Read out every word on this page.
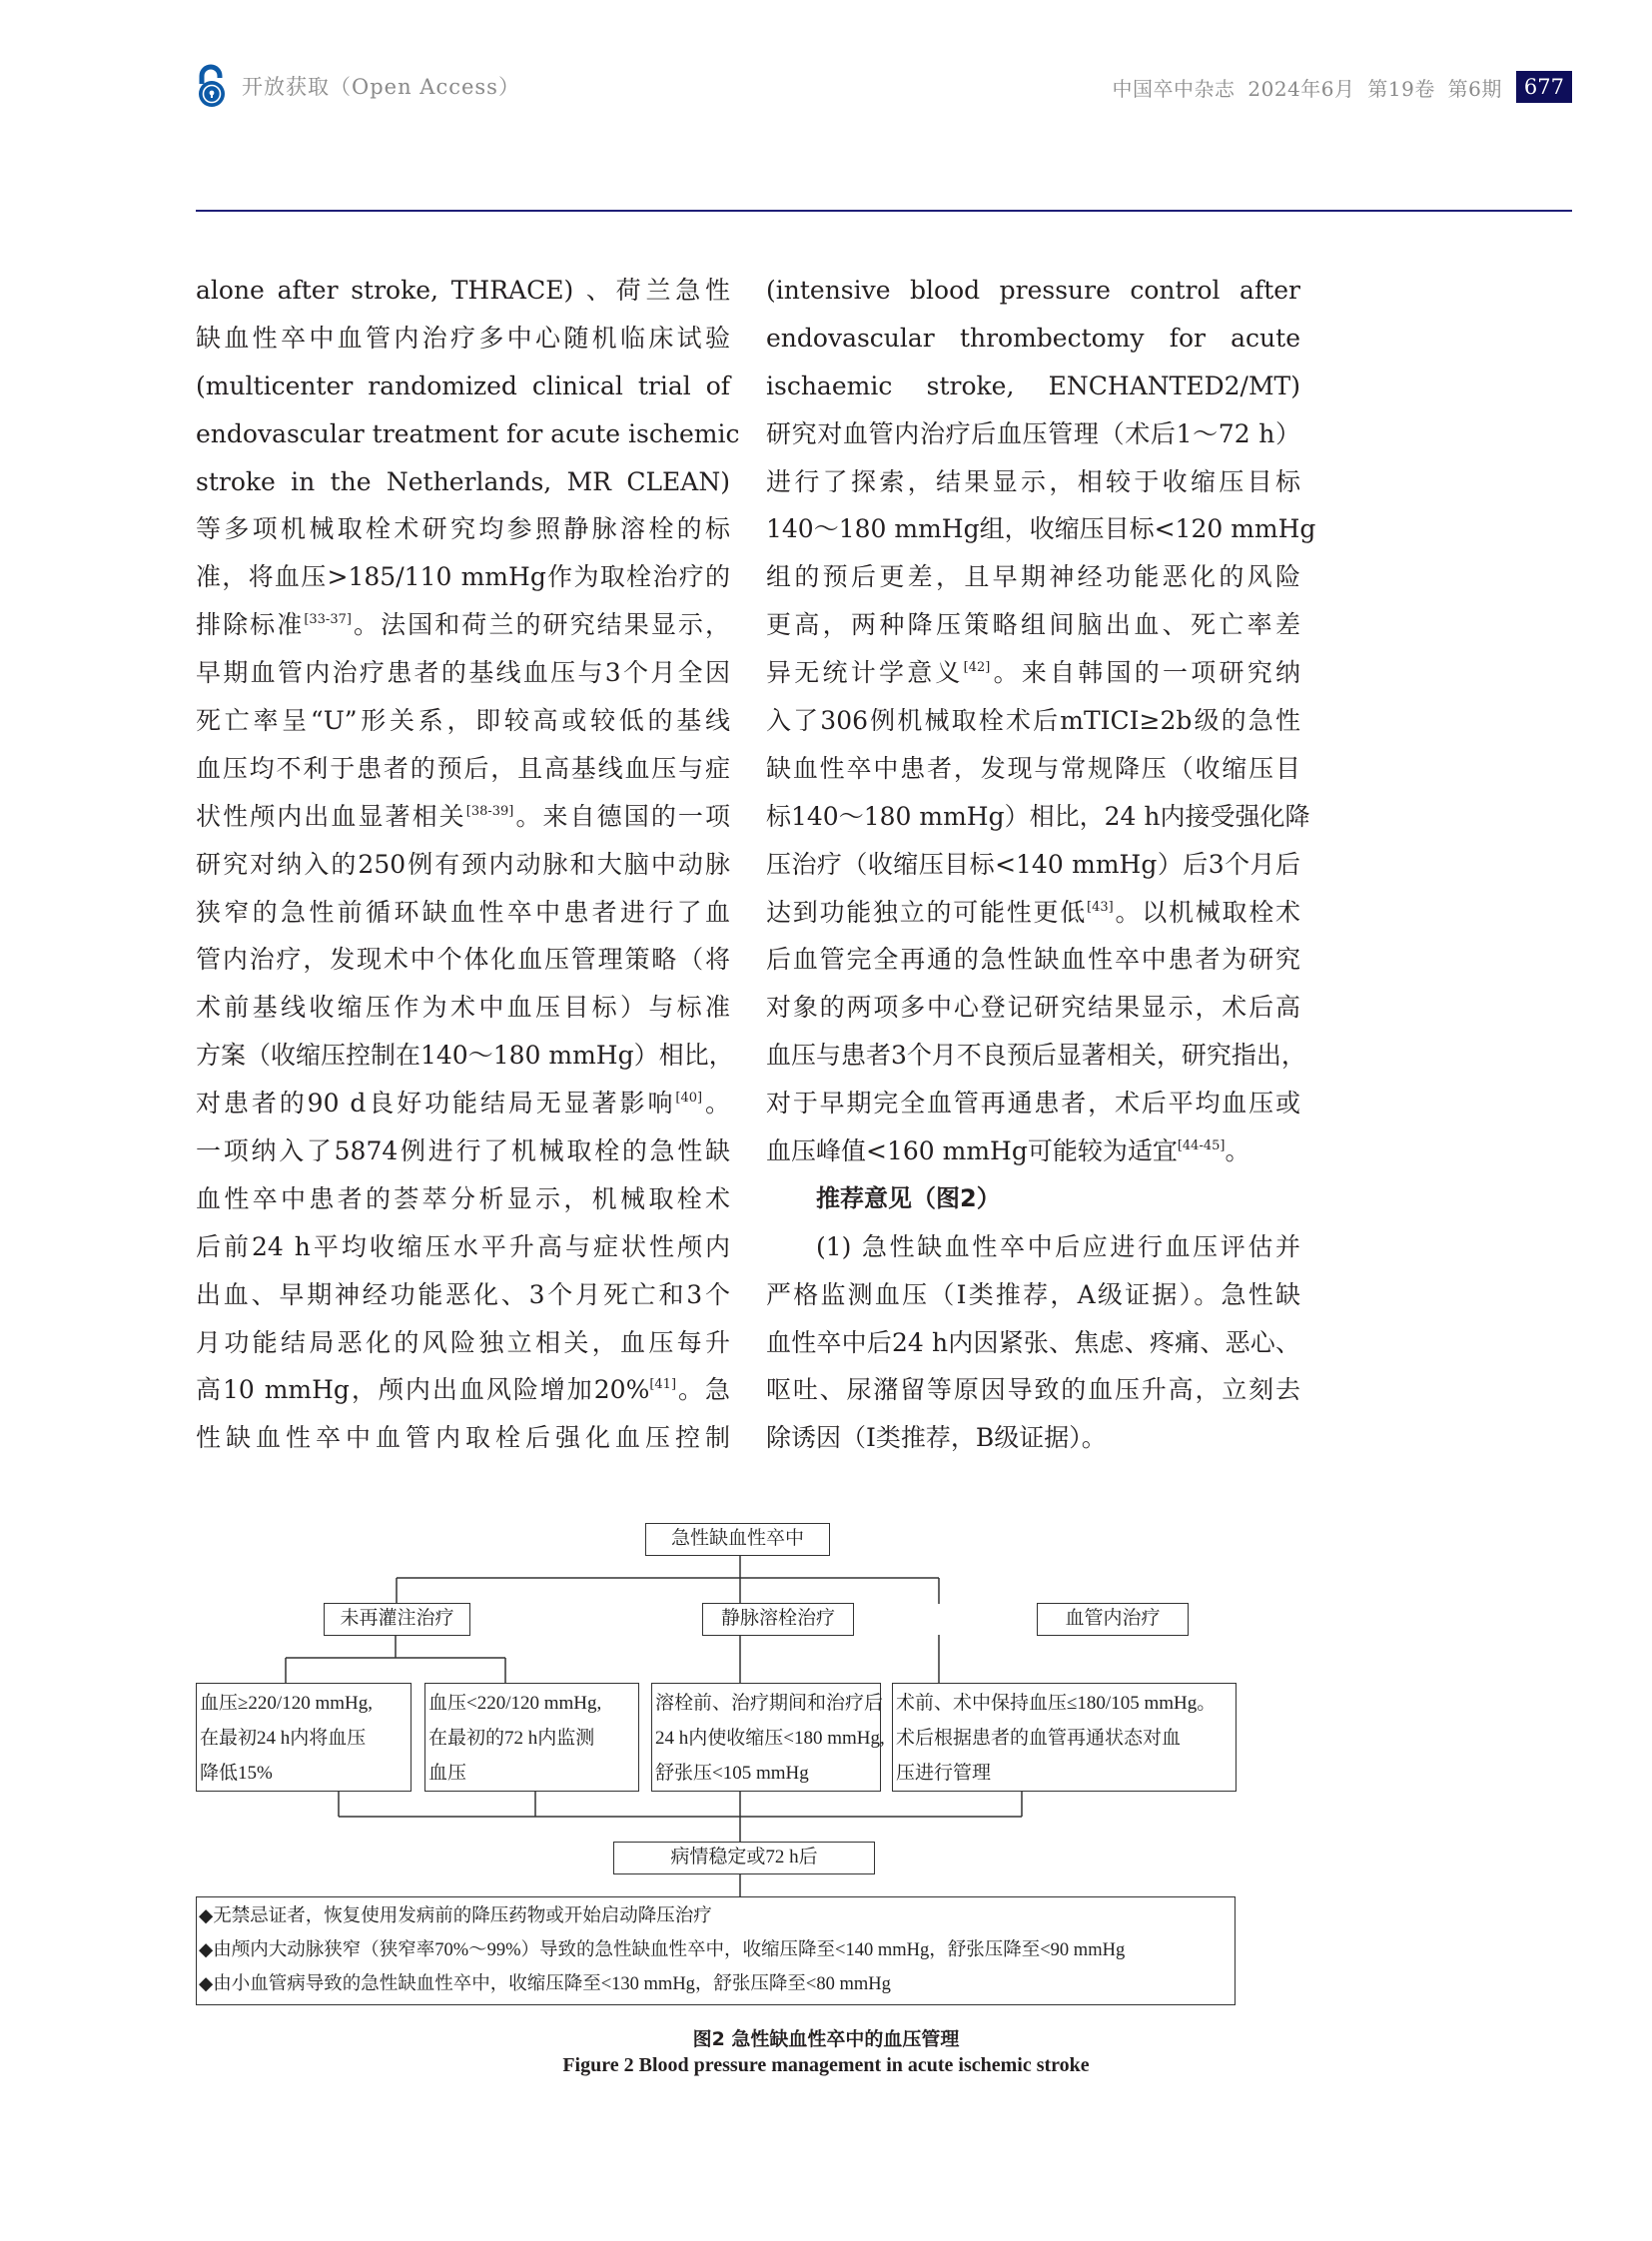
开放获取（Open Access）	中国卒中杂志 2024年6月 第19卷 第6期	677
alone after stroke, THRACE) 、荷兰急性
缺血性卒中血管内治疗多中心随机临床试验
(multicenter randomized clinical trial of
endovascular treatment for acute ischemic
stroke in the Netherlands, MR CLEAN)
等多项机械取栓术研究均参照静脉溶栓的标
准，将血压>185/110 mmHg作为取栓治疗的
排除标准[33-37]。法国和荷兰的研究结果显示，
早期血管内治疗患者的基线血压与3个月全因
死亡率呈“U”形关系，即较高或较低的基线
血压均不利于患者的预后，且高基线血压与症
状性颅内出血显著相关[38-39]。来自德国的一项
研究对纳入的250例有颈内动脉和大脑中动脉
狭窄的急性前循环缺血性卒中患者进行了血
管内治疗，发现术中个体化血压管理策略（将
术前基线收缩压作为术中血压目标）与标准
方案（收缩压控制在140～180 mmHg）相比，
对患者的90 d良好功能结局无显著影响[40]。
一项纳入了5874例进行了机械取栓的急性缺
血性卒中患者的荟萃分析显示，机械取栓术
后前24 h平均收缩压水平升高与症状性颅内
出血、早期神经功能恶化、3个月死亡和3个
月功能结局恶化的风险独立相关，血压每升
高10 mmHg，颅内出血风险增加20%[41]。急
性缺血性卒中血管内取栓后强化血压控制
(intensive blood pressure control after
endovascular thrombectomy for acute
ischaemic stroke, ENCHANTED2/MT)
研究对血管内治疗后血压管理（术后1～72 h）
进行了探索，结果显示，相较于收缩压目标
140～180 mmHg组，收缩压目标<120 mmHg
组的预后更差，且早期神经功能恶化的风险
更高，两种降压策略组间脑出血、死亡率差
异无统计学意义[42]。来自韩国的一项研究纳
入了306例机械取栓术后mTICI≥2b级的急性
缺血性卒中患者，发现与常规降压（收缩压目
标140～180 mmHg）相比，24 h内接受强化降
压治疗（收缩压目标<140 mmHg）后3个月后
达到功能独立的可能性更低[43]。以机械取栓术
后血管完全再通的急性缺血性卒中患者为研究
对象的两项多中心登记研究结果显示，术后高
血压与患者3个月不良预后显著相关，研究指出，
对于早期完全血管再通患者，术后平均血压或
血压峰值<160 mmHg可能较为适宜[44-45]。
推荐意见（图2）
(1) 急性缺血性卒中后应进行血压评估并
严格监测血压（I类推荐，A级证据）。急性缺
血性卒中后24 h内因紧张、焦虑、疼痛、恶心、
呕吐、尿潴留等原因导致的血压升高，立刻去
除诱因（I类推荐，B级证据）。
急性缺血性卒中
未再灌注治疗	静脉溶栓治疗	血管内治疗
血压≥220/120 mmHg,
在最初24 h内将血压
降低15%
血压<220/120 mmHg,
在最初的72 h内监测
血压
溶栓前、治疗期间和治疗后
24 h内使收缩压<180 mmHg,
舒张压<105 mmHg
术前、术中保持血压≤180/105 mmHg。
术后根据患者的血管再通状态对血
压进行管理
病情稳定或72 h后
◆无禁忌证者，恢复使用发病前的降压药物或开始启动降压治疗
◆由颅内大动脉狭窄（狭窄率70%～99%）导致的急性缺血性卒中，收缩压降至<140 mmHg，舒张压降至<90 mmHg
◆由小血管病导致的急性缺血性卒中，收缩压降至<130 mmHg，舒张压降至<80 mmHg
图2 急性缺血性卒中的血压管理
Figure 2 Blood pressure management in acute ischemic stroke
